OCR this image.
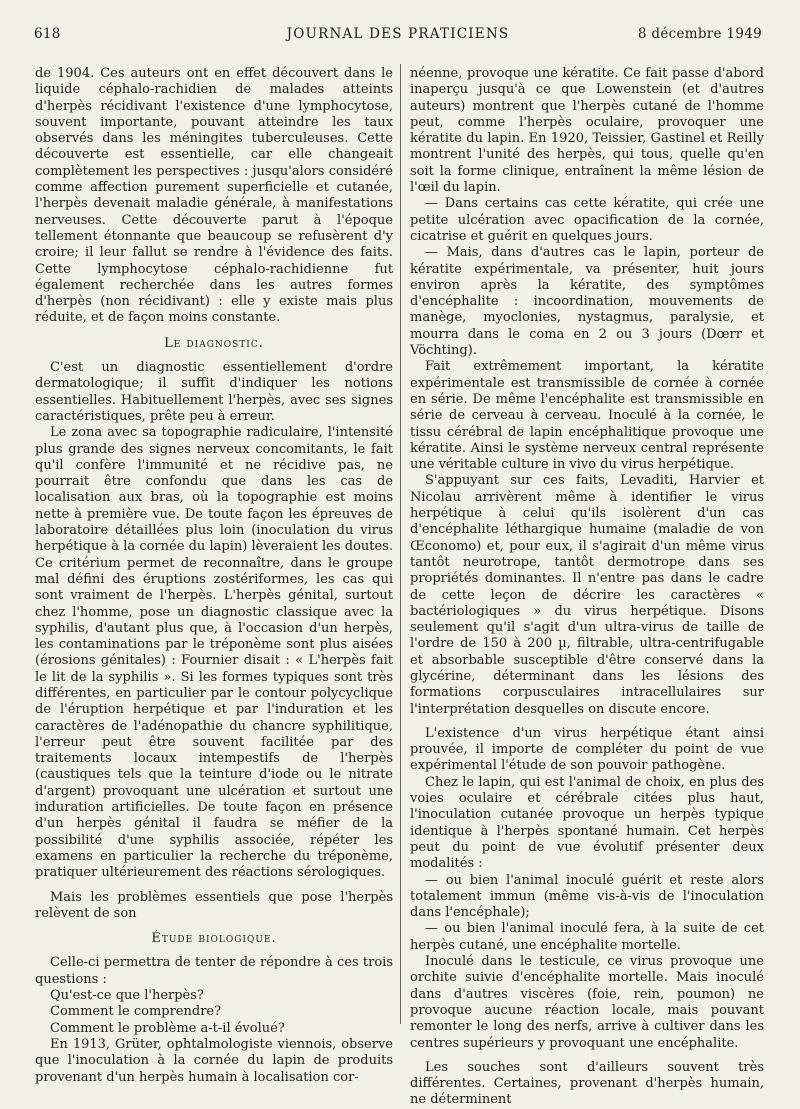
618	JOURNAL DES PRATICIENS	8 décembre 1949

de 1904. Ces auteurs ont en effet découvert dans le liquide céphalo-rachidien de malades atteints d'herpès récidivant l'existence d'une lymphocytose, souvent importante, pouvant atteindre les taux observés dans les méningites tuberculeuses. Cette découverte est essentielle, car elle changeait complètement les perspectives : jusqu'alors considéré comme affection purement superficielle et cutanée, l'herpès devenait maladie générale, à manifestations nerveuses. Cette découverte parut à l'époque tellement étonnante que beaucoup se refusèrent d'y croire; il leur fallut se rendre à l'évidence des faits. Cette lymphocytose céphalo-rachidienne fut également recherchée dans les autres formes d'herpès (non récidivant) : elle y existe mais plus réduite, et de façon moins constante.

Le diagnostic.

C'est un diagnostic essentiellement d'ordre dermatologique; il suffit d'indiquer les notions essentielles. Habituellement l'herpès, avec ses signes caractéristiques, prête peu à erreur.

Le zona avec sa topographie radiculaire, l'intensité plus grande des signes nerveux concomitants, le fait qu'il confère l'immunité et ne récidive pas, ne pourrait être confondu que dans les cas de localisation aux bras, où la topographie est moins nette à première vue. De toute façon les épreuves de laboratoire détaillées plus loin (inoculation du virus herpétique à la cornée du lapin) lèveraient les doutes. Ce critérium permet de reconnaître, dans le groupe mal défini des éruptions zostériformes, les cas qui sont vraiment de l'herpès. L'herpès génital, surtout chez l'homme, pose un diagnostic classique avec la syphilis, d'autant plus que, à l'occasion d'un herpès, les contaminations par le tréponème sont plus aisées (érosions génitales) : Fournier disait : « L'herpès fait le lit de la syphilis ». Si les formes typiques sont très différentes, en particulier par le contour polycyclique de l'éruption herpétique et par l'induration et les caractères de l'adénopathie du chancre syphilitique, l'erreur peut être souvent facilitée par des traitements locaux intempestifs de l'herpès (caustiques tels que la teinture d'iode ou le nitrate d'argent) provoquant une ulcération et surtout une induration artificielles. De toute façon en présence d'un herpès génital il faudra se méfier de la possibilité d'une syphilis associée, répéter les examens en particulier la recherche du tréponème, pratiquer ultérieurement des réactions sérologiques.

Mais les problèmes essentiels que pose l'herpès relèvent de son

Étude biologique.

Celle-ci permettra de tenter de répondre à ces trois questions :

Qu'est-ce que l'herpès?

Comment le comprendre?

Comment le problème a-t-il évolué?

En 1913, Grüter, ophtalmologiste viennois, observe que l'inoculation à la cornée du lapin de produits provenant d'un herpès humain à localisation cor-

néenne, provoque une kératite. Ce fait passe d'abord inaperçu jusqu'à ce que Lowenstein (et d'autres auteurs) montrent que l'herpès cutané de l'homme peut, comme l'herpès oculaire, provoquer une kératite du lapin. En 1920, Teissier, Gastinel et Reilly montrent l'unité des herpès, qui tous, quelle qu'en soit la forme clinique, entraînent la même lésion de l'œil du lapin.

— Dans certains cas cette kératite, qui crée une petite ulcération avec opacification de la cornée, cicatrise et guérit en quelques jours.

— Mais, dans d'autres cas le lapin, porteur de kératite expérimentale, va présenter, huit jours environ après la kératite, des symptômes d'encéphalite : incoordination, mouvements de manège, myoclonies, nystagmus, paralysie, et mourra dans le coma en 2 ou 3 jours (Dœrr et Vöchting).

Fait extrêmement important, la kératite expérimentale est transmissible de cornée à cornée en série. De même l'encéphalite est transmissible en série de cerveau à cerveau. Inoculé à la cornée, le tissu cérébral de lapin encéphalitique provoque une kératite. Ainsi le système nerveux central représente une véritable culture in vivo du virus herpétique.

S'appuyant sur ces faits, Levaditi, Harvier et Nicolau arrivèrent même à identifier le virus herpétique à celui qu'ils isolèrent d'un cas d'encéphalite léthargique humaine (maladie de von Œconomo) et, pour eux, il s'agirait d'un même virus tantôt neurotrope, tantôt dermotrope dans ses propriétés dominantes. Il n'entre pas dans le cadre de cette leçon de décrire les caractères « bactériologiques » du virus herpétique. Disons seulement qu'il s'agit d'un ultra-virus de taille de l'ordre de 150 à 200 µ, filtrable, ultra-centrifugable et absorbable susceptible d'être conservé dans la glycérine, déterminant dans les lésions des formations corpusculaires intracellulaires sur l'interprétation desquelles on discute encore.

L'existence d'un virus herpétique étant ainsi prouvée, il importe de compléter du point de vue expérimental l'étude de son pouvoir pathogène.

Chez le lapin, qui est l'animal de choix, en plus des voies oculaire et cérébrale citées plus haut, l'inoculation cutanée provoque un herpès typique identique à l'herpès spontané humain. Cet herpès peut du point de vue évolutif présenter deux modalités :

— ou bien l'animal inoculé guérit et reste alors totalement immun (même vis-à-vis de l'inoculation dans l'encéphale);

— ou bien l'animal inoculé fera, à la suite de cet herpès cutané, une encéphalite mortelle.

Inoculé dans le testicule, ce virus provoque une orchite suivie d'encéphalite mortelle. Mais inoculé dans d'autres viscères (foie, rein, poumon) ne provoque aucune réaction locale, mais pouvant remonter le long des nerfs, arrive à cultiver dans les centres supérieurs y provoquant une encéphalite.

Les souches sont d'ailleurs souvent très différentes. Certaines, provenant d'herpès humain, ne déterminent
